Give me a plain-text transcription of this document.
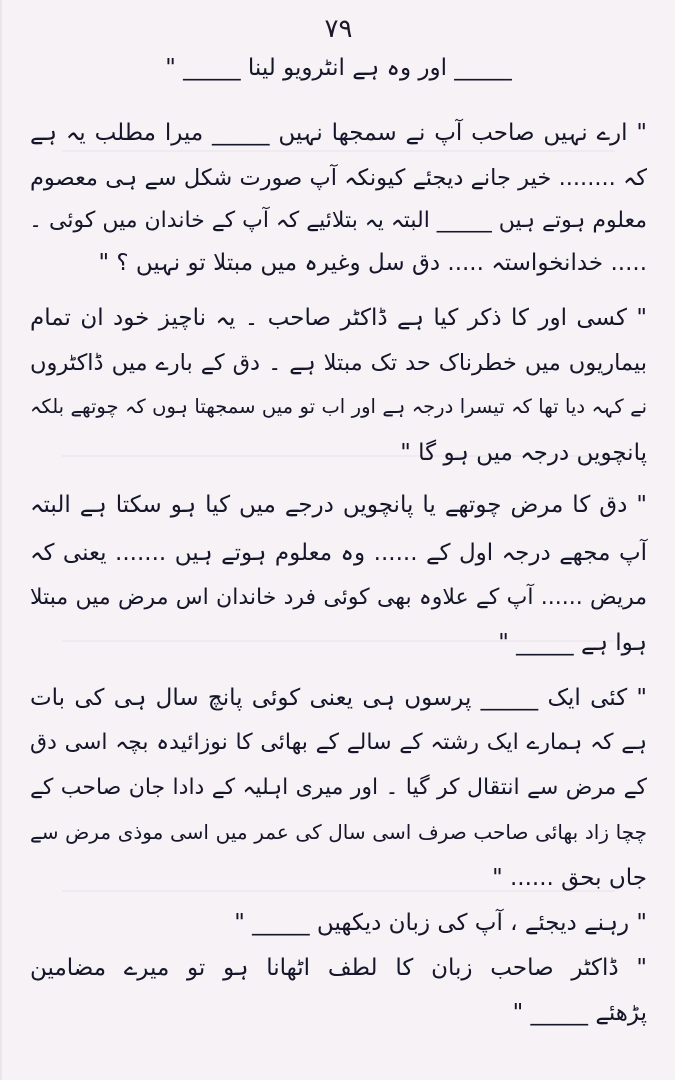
۷۹
_____ اور وہ ہے انٹرویو لینا _____ "
" ارے نہیں صاحب آپ نے سمجھا نہیں _____ میرا مطلب یہ ہے
کہ ........ خیر جانے دیجئے کیونکہ آپ صورت شکل سے ہی معصوم
معلوم ہوتے ہیں _____ البتہ یہ بتلائیے کہ آپ کے خاندان میں کوئی ۔
..... خدانخواستہ ..... دق سل وغیرہ میں مبتلا تو نہیں ؟ "
" کسی اور کا ذکر کیا ہے ڈاکٹر صاحب ۔ یہ ناچیز خود ان تمام
بیماریوں میں خطرناک حد تک مبتلا ہے ۔ دق کے بارے میں ڈاکٹروں
نے کہہ دیا تھا کہ تیسرا درجہ ہے اور اب تو میں سمجھتا ہوں کہ چوتھے بلکہ
پانچویں درجہ میں ہو گا "
" دق کا مرض چوتھے یا پانچویں درجے میں کیا ہو سکتا ہے البتہ
آپ مجھے درجہ اول کے ...... وہ معلوم ہوتے ہیں ....... یعنی کہ
مریض ...... آپ کے علاوہ بھی کوئی فرد خاندان اس مرض میں مبتلا
ہوا ہے _____ "
" کئی ایک _____ پرسوں ہی یعنی کوئی پانچ سال ہی کی بات
ہے کہ ہمارے ایک رشتہ کے سالے کے بھائی کا نوزائیدہ بچہ اسی دق
کے مرض سے انتقال کر گیا ۔ اور میری اہلیہ کے دادا جان صاحب کے
چچا زاد بھائی صاحب صرف اسی سال کی عمر میں اسی موذی مرض سے
جاں بحق ...... "
" رہنے دیجئے ، آپ کی زبان دیکھیں _____ "
" ڈاکٹر صاحب زبان کا لطف اٹھانا ہو تو میرے مضامین
پڑھئے _____ "
